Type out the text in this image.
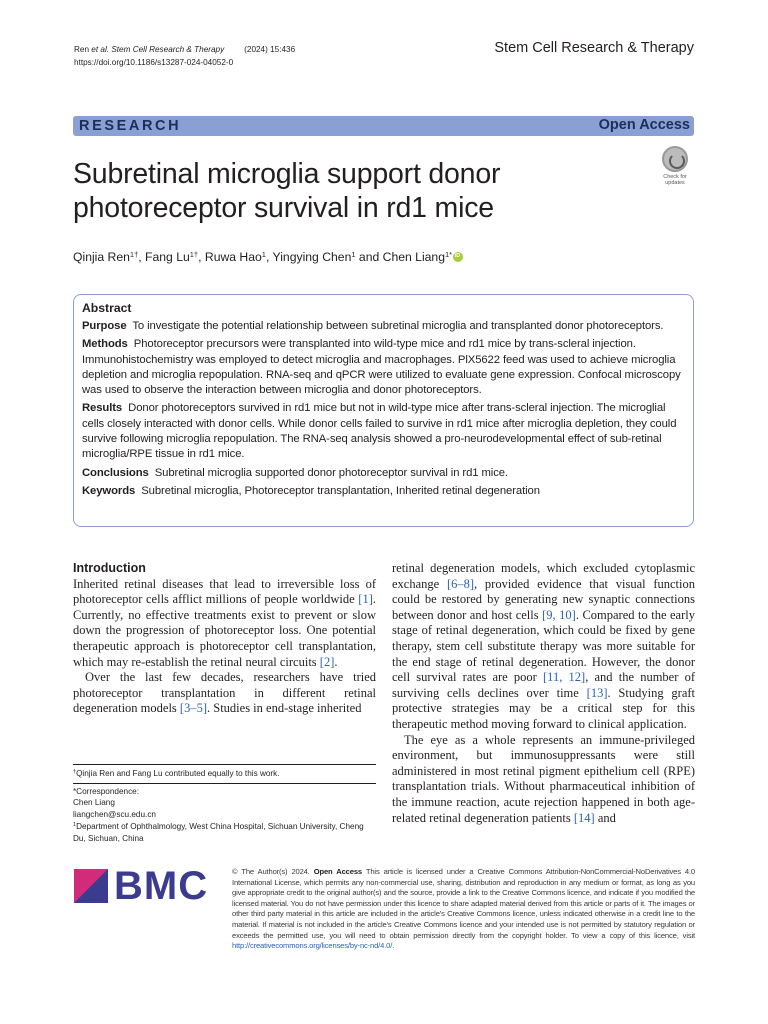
Ren et al. Stem Cell Research & Therapy (2024) 15:436
https://doi.org/10.1186/s13287-024-04052-0
Stem Cell Research & Therapy
RESEARCH	Open Access
Subretinal microglia support donor photoreceptor survival in rd1 mice
Check for
updates
Qinjia Ren$^{1\dagger}$, Fang $Lu^{1\dagger}$, Ruwa Hao$^1$, Yingying Chen$^1$ and Chen Liang$^{1*}$iD
Abstract
Purpose To investigate the potential relationship between subretinal microglia and transplanted donor photoreceptors.
Methods Photoreceptor precursors were transplanted into wild-type mice and rd1 mice by trans-scleral injection. Immunohistochemistry was employed to detect microglia and macrophages. PlX5622 feed was used to achieve microglia depletion and microglia repopulation. RNA-seq and qPCR were utilized to evaluate gene expression. Confocal microscopy was used to observe the interaction between microglia and donor photoreceptors.
Results Donor photoreceptors survived in rd1 mice but not in wild-type mice after trans-scleral injection. The microglial cells closely interacted with donor cells. While donor cells failed to survive in rd1 mice after microglia depletion, they could survive following microglia repopulation. The RNA-seq analysis showed a pro-neurodevelopmental effect of sub-retinal microglia/RPE tissue in rd1 mice.
Conclusions Subretinal microglia supported donor photoreceptor survival in rd1 mice.
Keywords Subretinal microglia, Photoreceptor transplantation, Inherited retinal degeneration
Introduction

Inherited retinal diseases that lead to irreversible loss of photoreceptor cells afflict millions of people worldwide [1]. Currently, no effective treatments exist to prevent or slow down the progression of photoreceptor loss. One potential therapeutic approach is photoreceptor cell transplantation, which may re-establish the retinal neural circuits [2].

Over the last few decades, researchers have tried photoreceptor transplantation in different retinal degeneration models [3–5]. Studies in end-stage inherited

†Qinjia Ren and Fang Lu contributed equally to this work.
*Correspondence:
Chen Liang
liangchen@scu.edu.cn
$^1$Department of Ophthalmology, West China Hospital, Sichuan University, Cheng Du, Sichuan, China

retinal degeneration models, which excluded cytoplasmic exchange [6–8], provided evidence that visual function could be restored by generating new synaptic connections between donor and host cells [9, 10]. Compared to the early stage of retinal degeneration, which could be fixed by gene therapy, stem cell substitute therapy was more suitable for the end stage of retinal degeneration. However, the donor cell survival rates are poor [11, 12], and the number of surviving cells declines over time [13]. Studying graft protective strategies may be a critical step for this therapeutic method moving forward to clinical application.

The eye as a whole represents an immune-privileged environment, but immunosuppressants were still administered in most retinal pigment epithelium cell (RPE) transplantation trials. Without pharmaceutical inhibition of the immune reaction, acute rejection happened in both age-related retinal degeneration patients [14] and

BMC	© The Author(s) 2024. Open Access This article is licensed under a Creative Commons Attribution-NonCommercial-NoDerivatives 4.0 International License, which permits any non-commercial use, sharing, distribution and reproduction in any medium or format, as long as you give appropriate credit to the original author(s) and the source, provide a link to the Creative Commons licence, and indicate if you modified the licensed material. You do not have permission under this licence to share adapted material derived from this article or parts of it. The images or other third party material in this article are included in the article's Creative Commons licence, unless indicated otherwise in a credit line to the material. If material is not included in the article's Creative Commons licence and your intended use is not permitted by statutory regulation or exceeds the permitted use, you will need to obtain permission directly from the copyright holder. To view a copy of this licence, visit http://creativecommons.org/licenses/by-nc-nd/4.0/.
